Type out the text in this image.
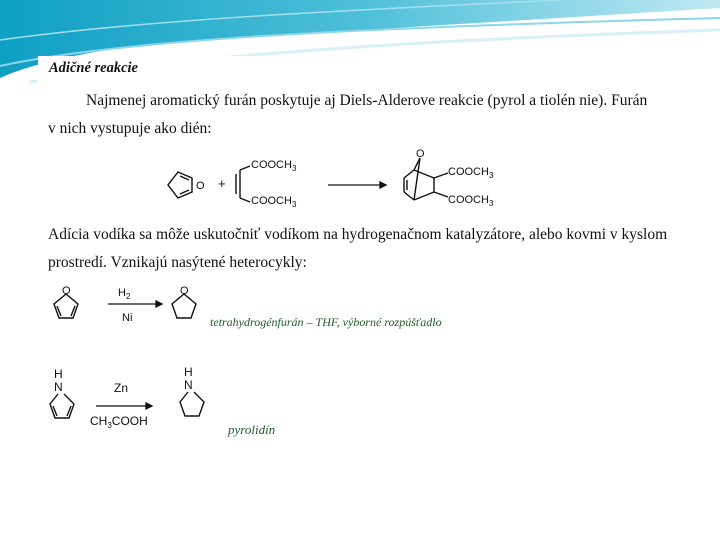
Adičné reakcie
Najmenej aromatický furán poskytuje aj Diels-Alderove reakcie (pyrol a tiolén nie). Furán
v nich vystupuje ako dién:
O +
$COOCH_3$
$COOCH_3$
O
$COOCH_3$
$COOCH_3$
Adícia vodíka sa môže uskutočniť vodíkom na hydrogenačnom katalyzátore, alebo kovmi v kyslom
prostredí. Vznikajú nasýtené heterocykly:
O	$H_2$
Ni
O
tetrahydrogénfurán – THF, výborné rozpúšťadlo
H
N	Zn
$CH_3COOH$
H
N
pyrolidín
